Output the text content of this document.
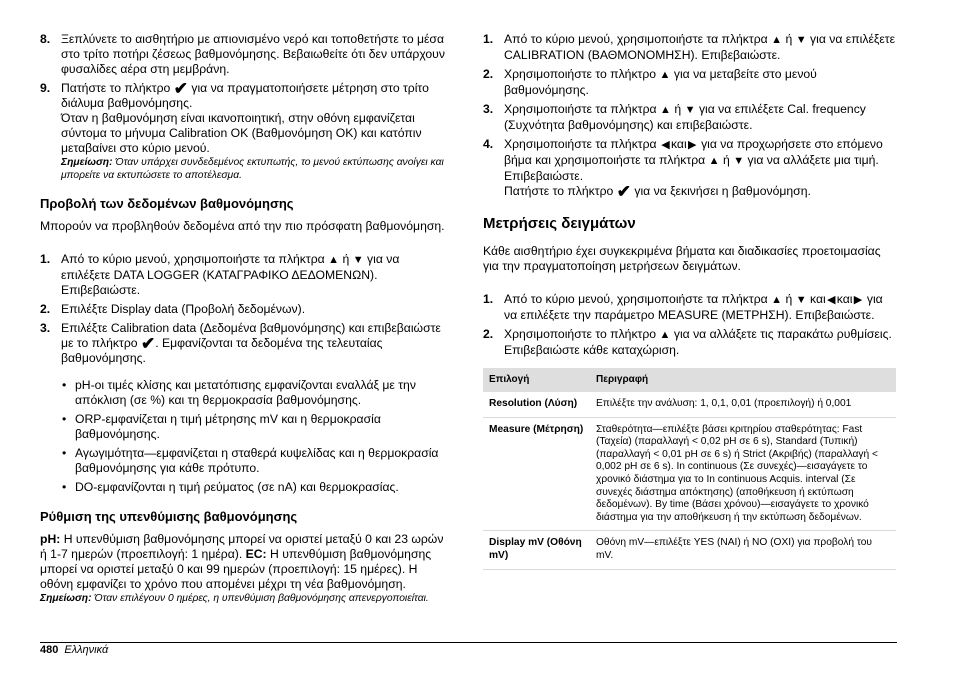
8. Ξεπλύνετε το αισθητήριο με απιονισμένο νερό και τοποθετήστε το μέσα στο τρίτο ποτήρι ζέσεως βαθμονόμησης. Βεβαιωθείτε ότι δεν υπάρχουν φυσαλίδες αέρα στη μεμβράνη.
9. Πατήστε το πλήκτρο ✔ για να πραγματοποιήσετε μέτρηση στο τρίτο διάλυμα βαθμονόμησης.
Όταν η βαθμονόμηση είναι ικανοποιητική, στην οθόνη εμφανίζεται σύντομα το μήνυμα Calibration OK (Βαθμονόμηση OK) και κατόπιν μεταβαίνει στο κύριο μενού.
Σημείωση: Όταν υπάρχει συνδεδεμένος εκτυπωτής, το μενού εκτύπωσης ανοίγει και μπορείτε να εκτυπώσετε το αποτέλεσμα.
Προβολή των δεδομένων βαθμονόμησης

Μπορούν να προβληθούν δεδομένα από την πιο πρόσφατη βαθμονόμηση.

1. Από το κύριο μενού, χρησιμοποιήστε τα πλήκτρα ▲ ή ▼ για να επιλέξετε DATA LOGGER (ΚΑΤΑΓΡΑΦΙΚΟ ΔΕΔΟΜΕΝΩΝ). Επιβεβαιώστε.
2. Επιλέξτε Display data (Προβολή δεδομένων).
3. Επιλέξτε Calibration data (Δεδομένα βαθμονόμησης) και επιβεβαιώστε με το πλήκτρο ✔. Εμφανίζονται τα δεδομένα της τελευταίας βαθμονόμησης.
• pH-οι τιμές κλίσης και μετατόπισης εμφανίζονται εναλλάξ με την απόκλιση (σε %) και τη θερμοκρασία βαθμονόμησης.
• ORP-εμφανίζεται η τιμή μέτρησης mV και η θερμοκρασία βαθμονόμησης.
• Αγωγιμότητα—εμφανίζεται η σταθερά κυψελίδας και η θερμοκρασία βαθμονόμησης για κάθε πρότυπο.
• DO-εμφανίζονται η τιμή ρεύματος (σε nA) και θερμοκρασίας.
Ρύθμιση της υπενθύμισης βαθμονόμησης
pH: Η υπενθύμιση βαθμονόμησης μπορεί να οριστεί μεταξύ 0 και 23 ωρών ή 1-7 ημερών (προεπιλογή: 1 ημέρα). EC: Η υπενθύμιση βαθμονόμησης μπορεί να οριστεί μεταξύ 0 και 99 ημερών (προεπιλογή: 15 ημέρες). Η οθόνη εμφανίζει το χρόνο που απομένει μέχρι τη νέα βαθμονόμηση.
Σημείωση: Όταν επιλέγουν 0 ημέρες, η υπενθύμιση βαθμονόμησης απενεργοποιείται.
1. Από το κύριο μενού, χρησιμοποιήστε τα πλήκτρα ▲ ή ▼ για να επιλέξετε CALIBRATION (ΒΑΘΜΟΝΟΜΗΣΗ). Επιβεβαιώστε.
2. Χρησιμοποιήστε το πλήκτρο ▲ για να μεταβείτε στο μενού βαθμονόμησης.
3. Χρησιμοποιήστε τα πλήκτρα ▲ ή ▼ για να επιλέξετε Cal. frequency (Συχνότητα βαθμονόμησης) και επιβεβαιώστε.
4. Χρησιμοποιήστε τα πλήκτρα ◀και▶ για να προχωρήσετε στο επόμενο βήμα και χρησιμοποιήστε τα πλήκτρα ▲ ή ▼ για να αλλάξετε μια τιμή. Επιβεβαιώστε.
Πατήστε το πλήκτρο ✔ για να ξεκινήσει η βαθμονόμηση.
Μετρήσεις δειγμάτων

Κάθε αισθητήριο έχει συγκεκριμένα βήματα και διαδικασίες προετοιμασίας για την πραγματοποίηση μετρήσεων δειγμάτων.

1. Από το κύριο μενού, χρησιμοποιήστε τα πλήκτρα ▲ ή ▼ και◀και▶ για να επιλέξετε την παράμετρο MEASURE (ΜΕΤΡΗΣΗ). Επιβεβαιώστε.
2. Χρησιμοποιήστε το πλήκτρο ▲ για να αλλάξετε τις παρακάτω ρυθμίσεις. Επιβεβαιώστε κάθε καταχώριση.
Επιλογή	Περιγραφή
Resolution (Λύση)	Επιλέξτε την ανάλυση: 1, 0,1, 0,01 (προεπιλογή) ή 0,001
Measure (Μέτρηση)	Σταθερότητα—επιλέξτε βάσει κριτηρίου σταθερότητας: Fast (Ταχεία) (παραλλαγή < 0,02 pH σε 6 s), Standard (Τυπική) (παραλλαγή < 0,01 pH σε 6 s) ή Strict (Ακριβής) (παραλλαγή < 0,002 pH σε 6 s). In continuous (Σε συνεχές)—εισαγάγετε το χρονικό διάστημα για το In continuous Acquis. interval (Σε συνεχές διάστημα απόκτησης) (αποθήκευση ή εκτύπωση δεδομένων). By time (Βάσει χρόνου)—εισαγάγετε το χρονικό διάστημα για την αποθήκευση ή την εκτύπωση δεδομένων.
Display mV (Οθόνη mV)	Οθόνη mV—επιλέξτε YES (ΝΑΙ) ή NO (ΟΧΙ) για προβολή του mV.
480 Ελληνικά
